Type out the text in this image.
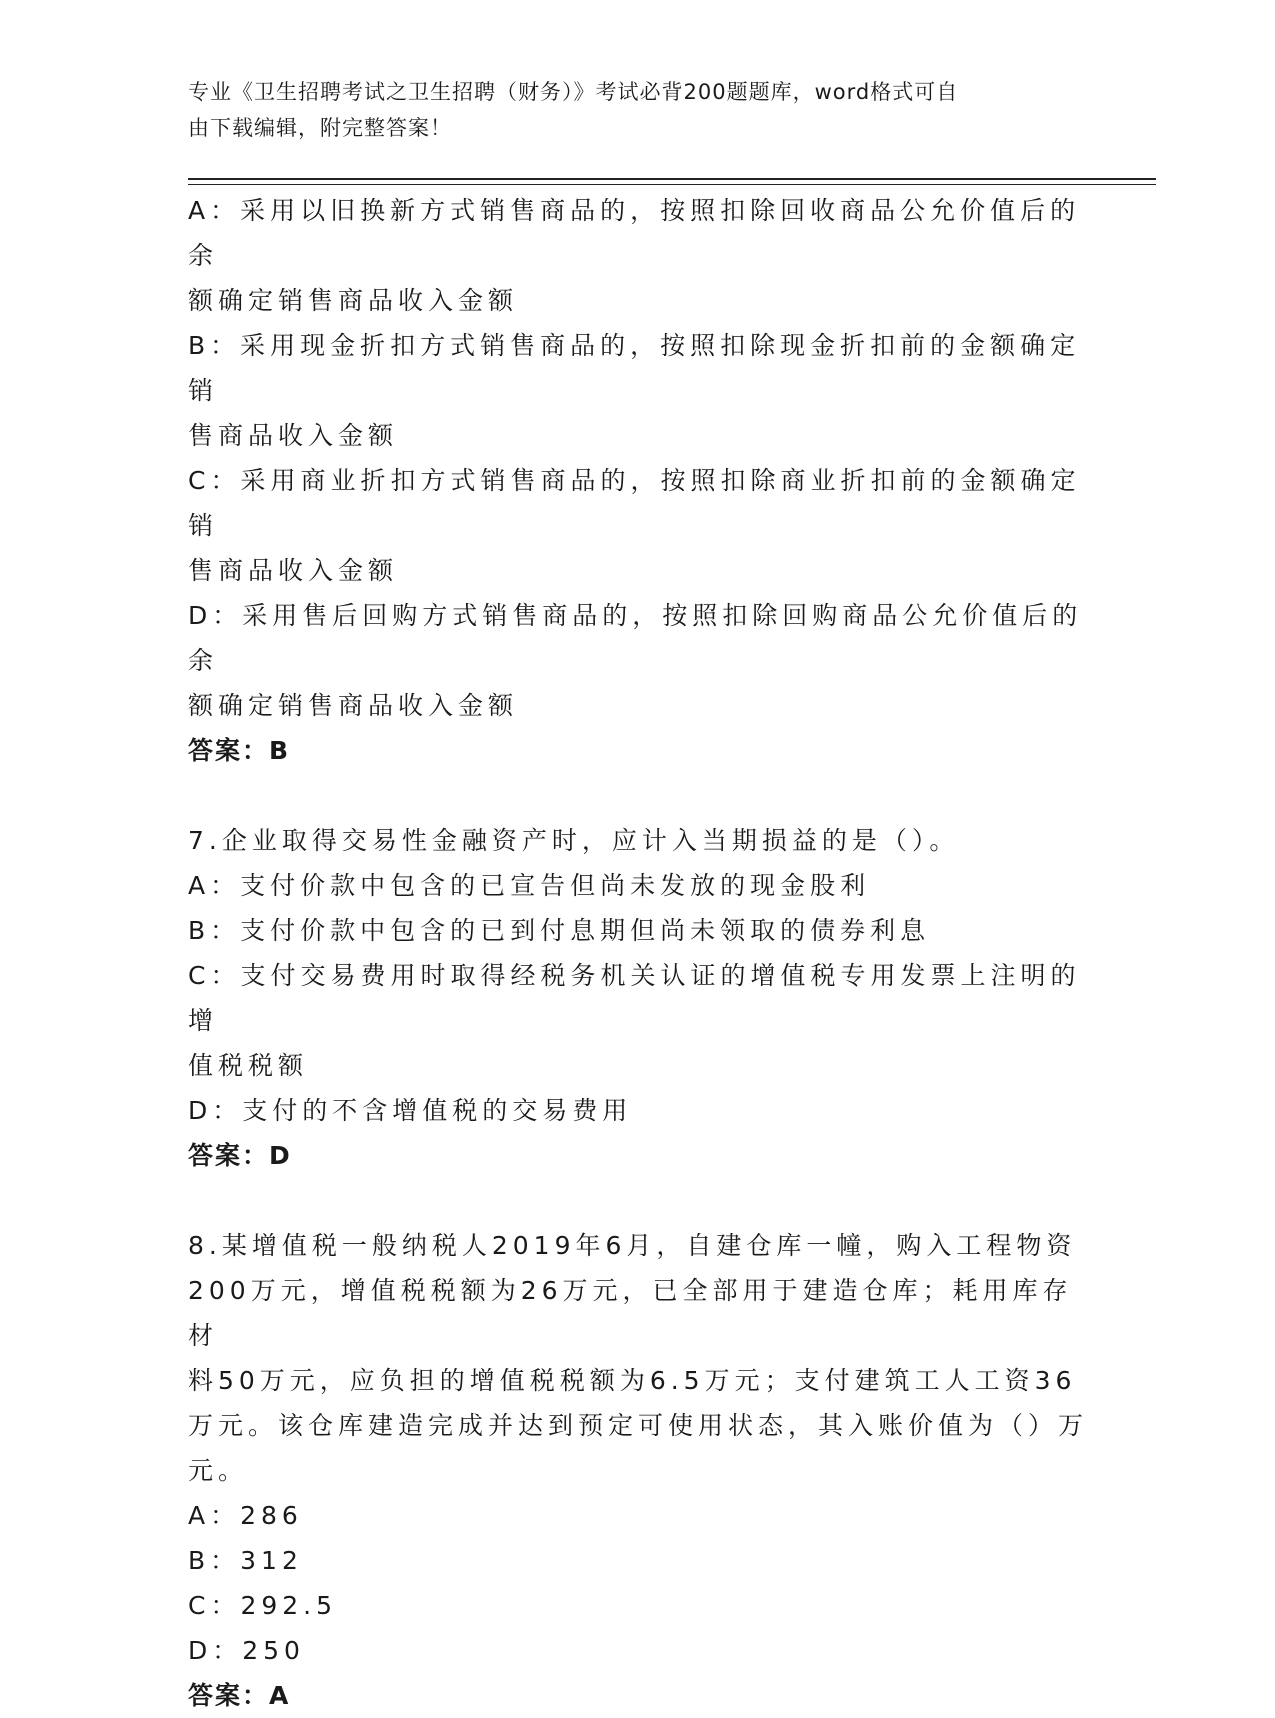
专业《卫生招聘考试之卫生招聘（财务）》考试必背200题题库，word格式可自
由下载编辑，附完整答案！
A：采用以旧换新方式销售商品的，按照扣除回收商品公允价值后的余
额确定销售商品收入金额
B：采用现金折扣方式销售商品的，按照扣除现金折扣前的金额确定销
售商品收入金额
C：采用商业折扣方式销售商品的，按照扣除商业折扣前的金额确定销
售商品收入金额
D：采用售后回购方式销售商品的，按照扣除回购商品公允价值后的余
额确定销售商品收入金额
答案：B
7.企业取得交易性金融资产时，应计入当期损益的是（）。
A：支付价款中包含的已宣告但尚未发放的现金股利
B：支付价款中包含的已到付息期但尚未领取的债券利息
C：支付交易费用时取得经税务机关认证的增值税专用发票上注明的增
值税税额
D：支付的不含增值税的交易费用
答案：D
8.某增值税一般纳税人2019年6月，自建仓库一幢，购入工程物资
200万元，增值税税额为26万元，已全部用于建造仓库；耗用库存材
料50万元，应负担的增值税税额为6.5万元；支付建筑工人工资36
万元。该仓库建造完成并达到预定可使用状态，其入账价值为（）万
元。
A：286
B：312
C：292.5
D：250
答案：A
